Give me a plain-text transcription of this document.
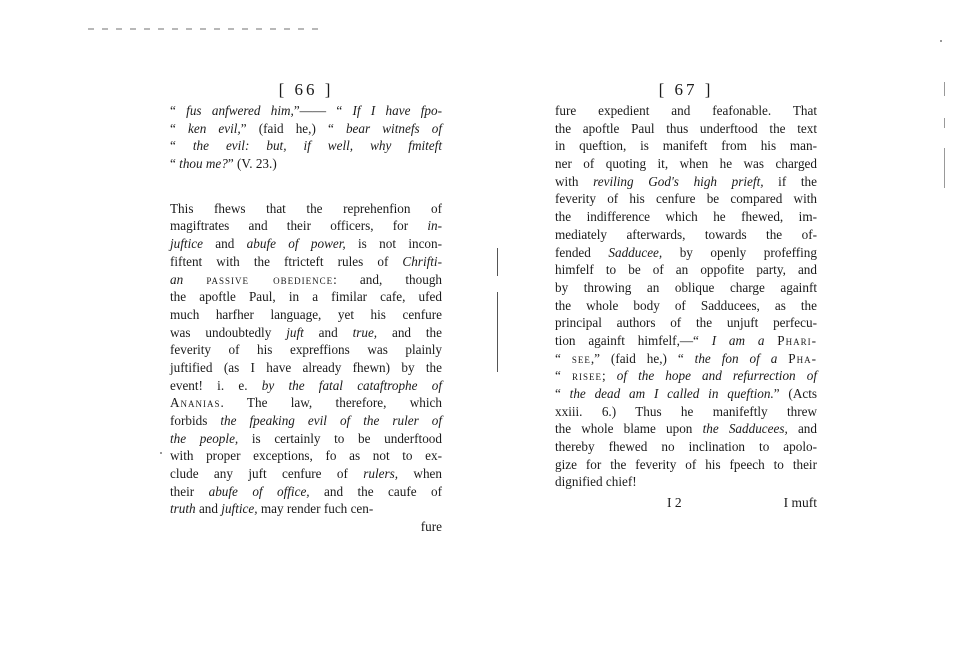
[ 66 ]
“ fus anfwered him,”—— “ If I have fpo-
“ ken evil,” (faid he,) “ bear witnefs of
“ the evil: but, if well, why fmiteft
“ thou me?” (V. 23.)
This fhews that the reprehenfion of
magiftrates and their officers, for in-
juftice and abufe of power, is not incon-
fiftent with the ftricteft rules of Chrifti-
an passive obedience: and, though
the apoftle Paul, in a fimilar cafe, ufed
much harfher language, yet his cenfure
was undoubtedly juft and true, and the
feverity of his expreffions was plainly
juftified (as I have already fhewn) by the
event! i. e. by the fatal cataftrophe of
Ananias. The law, therefore, which
forbids the fpeaking evil of the ruler of
the people, is certainly to be underftood
with proper exceptions, fo as not to ex-
clude any juft cenfure of rulers, when
their abufe of office, and the caufe of
truth and juftice, may render fuch cen-
fure
[ 67 ]
fure expedient and feafonable. That
the apoftle Paul thus underftood the text
in queftion, is manifeft from his man-
ner of quoting it, when he was charged
with reviling God's high prieft, if the
feverity of his cenfure be compared with
the indifference which he fhewed, im-
mediately afterwards, towards the of-
fended Sadducee, by openly profeffing
himfelf to be of an oppofite party, and
by throwing an oblique charge againft
the whole body of Sadducees, as the
principal authors of the unjuft perfecu-
tion againft himfelf,—“ I am a Phari-
“ see,” (faid he,) “ the fon of a Pha-
“ risee; of the hope and refurrection of
“ the dead am I called in queftion.” (Acts
xxiii. 6.) Thus he manifeftly threw
the whole blame upon the Sadducees, and
thereby fhewed no inclination to apolo-
gize for the feverity of his fpeech to their
dignified chief!
I 2	I muft
